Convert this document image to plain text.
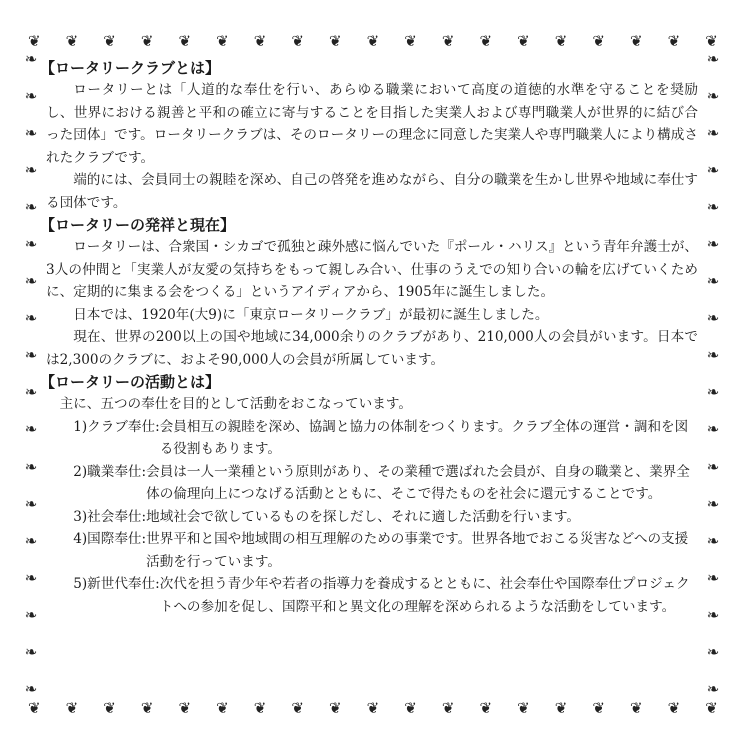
❦ ❦ ❦ ❦ ❦ ❦ ❦ ❦ ❦ ❦ ❦ ❦ ❦ ❦ ❦ ❦ ❦ ❦ ❦
❧
❧
❧
❧
❧
❧
❧
❧
❧
❧
❧
❧
❧
❧
❧
❧
❧
❧
❧
❧
❧
❧
❧
❧
❧
❧
❧
❧
❧
❧
❧
❧
❧
❧
❧
❧
❦ ❦ ❦ ❦ ❦ ❦ ❦ ❦ ❦ ❦ ❦ ❦ ❦ ❦ ❦ ❦ ❦ ❦ ❦
【ロータリークラブとは】

ロータリーとは「人道的な奉仕を行い、あらゆる職業において高度の道徳的水準を守ることを奨励し、世界における親善と平和の確立に寄与することを目指した実業人および専門職業人が世界的に結び合った団体」です。ロータリークラブは、そのロータリーの理念に同意した実業人や専門職業人により構成されたクラブです。

端的には、会員同士の親睦を深め、自己の啓発を進めながら、自分の職業を生かし世界や地域に奉仕する団体です。

【ロータリーの発祥と現在】

ロータリーは、合衆国・シカゴで孤独と疎外感に悩んでいた『ポール・ハリス』という青年弁護士が、3人の仲間と「実業人が友愛の気持ちをもって親しみ合い、仕事のうえでの知り合いの輪を広げていくために、定期的に集まる会をつくる」というアイディアから、1905年に誕生しました。

日本では、1920年(大9)に「東京ロータリークラブ」が最初に誕生しました。

現在、世界の200以上の国や地域に34,000余りのクラブがあり、210,000人の会員がいます。日本では2,300のクラブに、およそ90,000人の会員が所属しています。

【ロータリーの活動とは】
主に、五つの奉仕を目的として活動をおこなっています。
1)クラブ奉仕: 会員相互の親睦を深め、協調と協力の体制をつくります。クラブ全体の運営・調和を図る役割もあります。
2)職業奉仕: 会員は一人一業種という原則があり、その業種で選ばれた会員が、自身の職業と、業界全体の倫理向上につなげる活動とともに、そこで得たものを社会に還元することです。
3)社会奉仕: 地域社会で欲しているものを探しだし、それに適した活動を行います。
4)国際奉仕: 世界平和と国や地域間の相互理解のための事業です。世界各地でおこる災害などへの支援活動を行っています。
5)新世代奉仕: 次代を担う青少年や若者の指導力を養成するとともに、社会奉仕や国際奉仕プロジェクトへの参加を促し、国際平和と異文化の理解を深められるような活動をしています。
